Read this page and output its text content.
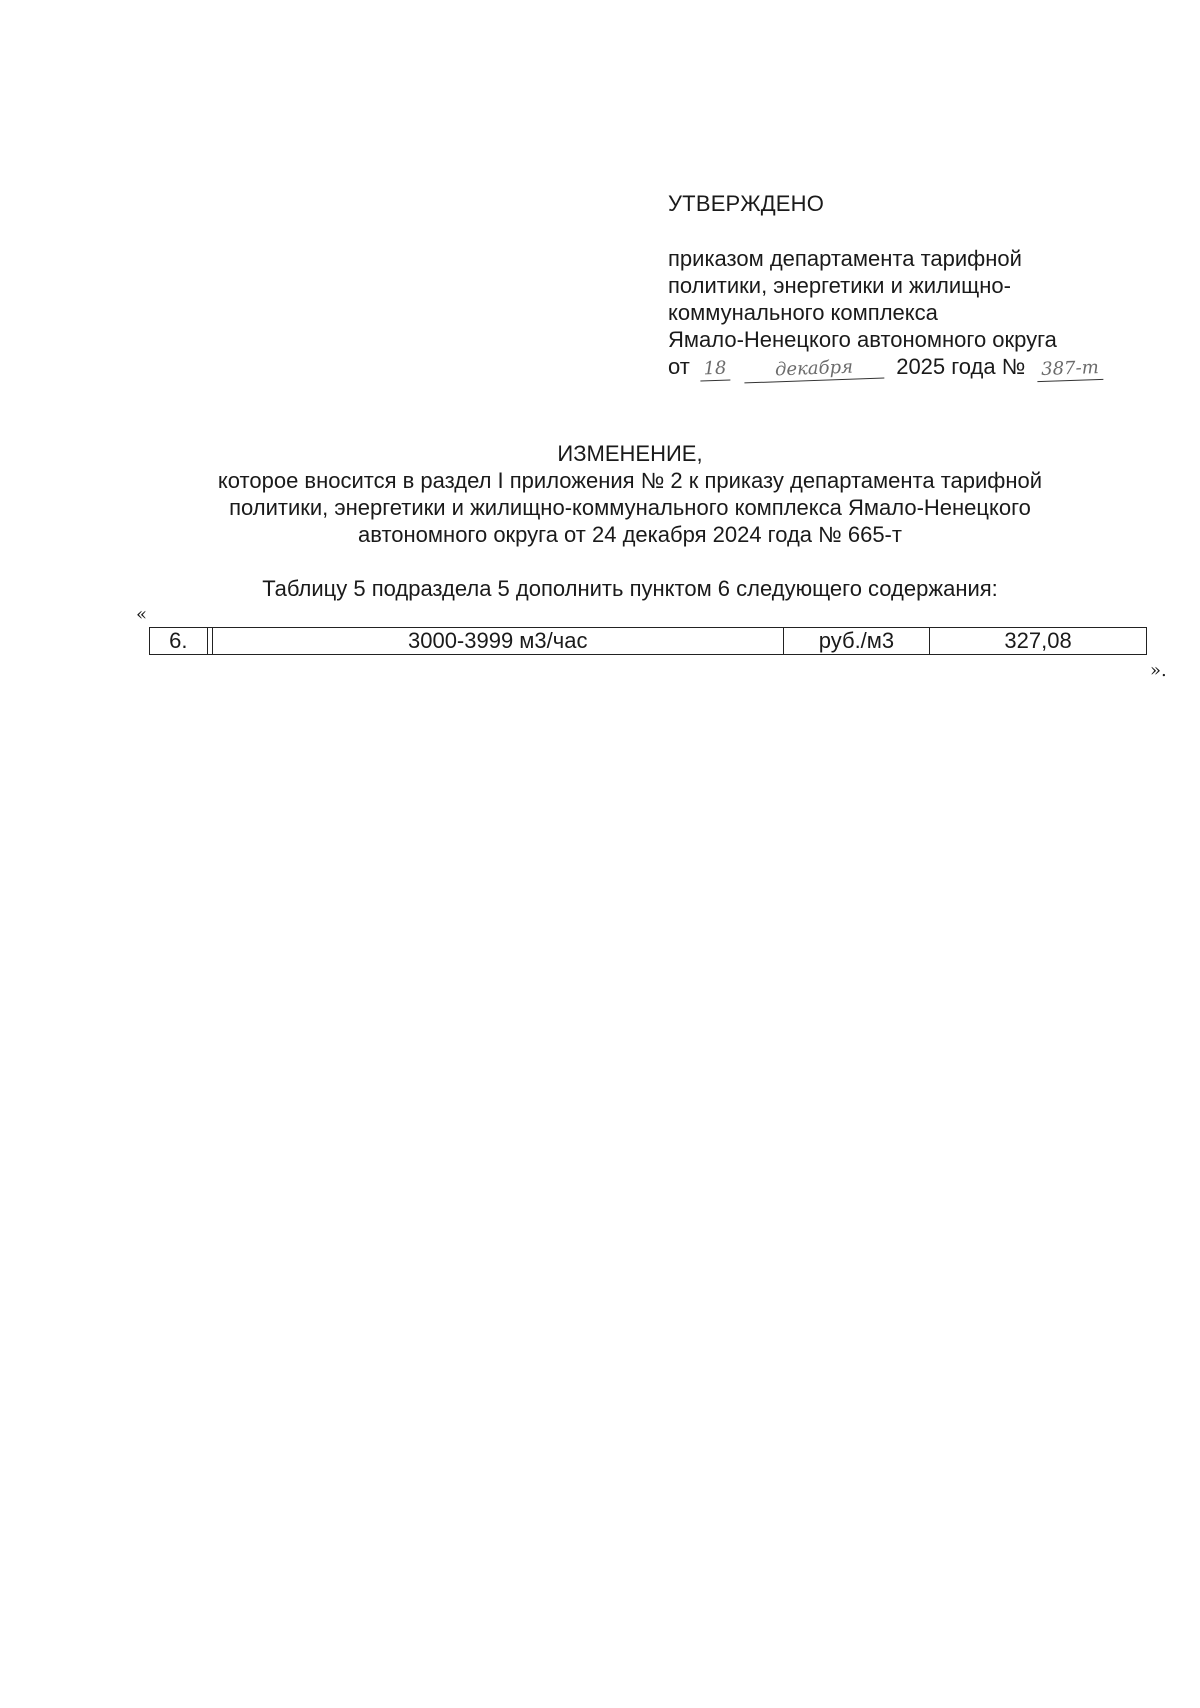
УТВЕРЖДЕНО
приказом департамента тарифной
политики, энергетики и жилищно-
коммунального комплекса
Ямало-Ненецкого автономного округа
от 18	декабря 2025 года № 387-т
ИЗМЕНЕНИЕ,
которое вносится в раздел I приложения № 2 к приказу департамента тарифной
политики, энергетики и жилищно-коммунального комплекса Ямало-Ненецкого
автономного округа от 24 декабря 2024 года № 665-т
Таблицу 5 подраздела 5 дополнить пунктом 6 следующего содержания:
«
6.		3000-3999 м3/час	руб./м3	327,08
».
